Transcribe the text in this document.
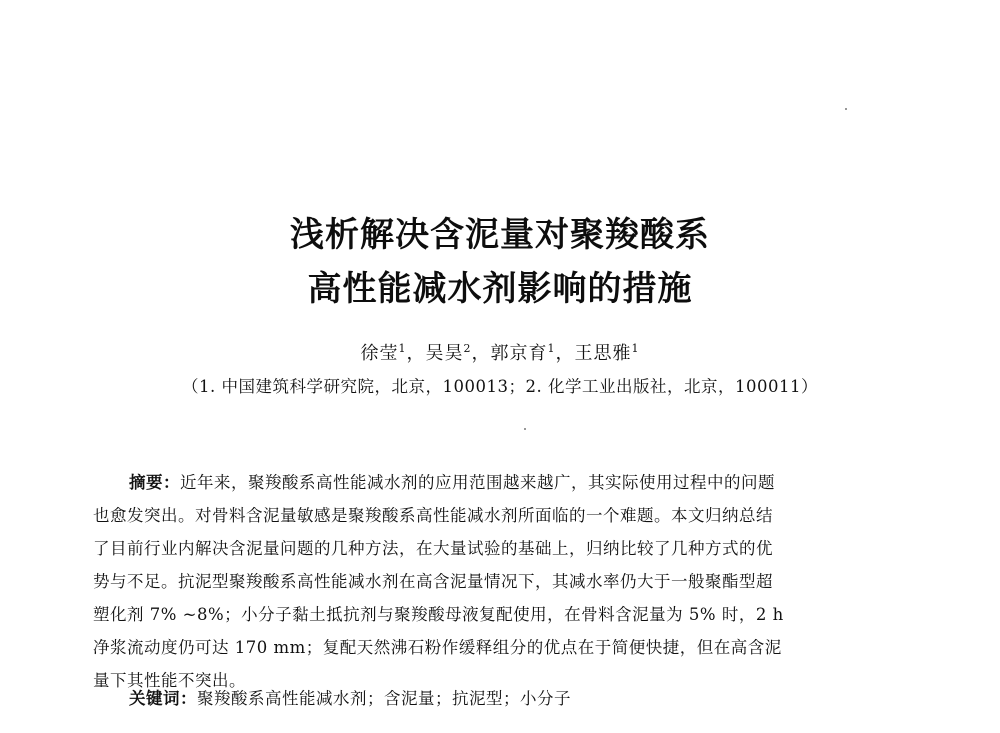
浅析解决含泥量对聚羧酸系
高性能减水剂影响的措施
徐莹$^1$，吴昊$^2$，郭京育$^1$，王思雅$^1$
（1. 中国建筑科学研究院，北京，100013；2. 化学工业出版社，北京，100011）
摘要：近年来，聚羧酸系高性能减水剂的应用范围越来越广，其实际使用过程中的问题
也愈发突出。对骨料含泥量敏感是聚羧酸系高性能减水剂所面临的一个难题。本文归纳总结
了目前行业内解决含泥量问题的几种方法，在大量试验的基础上，归纳比较了几种方式的优
势与不足。抗泥型聚羧酸系高性能减水剂在高含泥量情况下，其减水率仍大于一般聚酯型超
塑化剂 7% ~8%；小分子黏土抵抗剂与聚羧酸母液复配使用，在骨料含泥量为 5% 时，2 h
净浆流动度仍可达 170 mm；复配天然沸石粉作缓释组分的优点在于简便快捷，但在高含泥
量下其性能不突出。
关键词：聚羧酸系高性能减水剂；含泥量；抗泥型；小分子
